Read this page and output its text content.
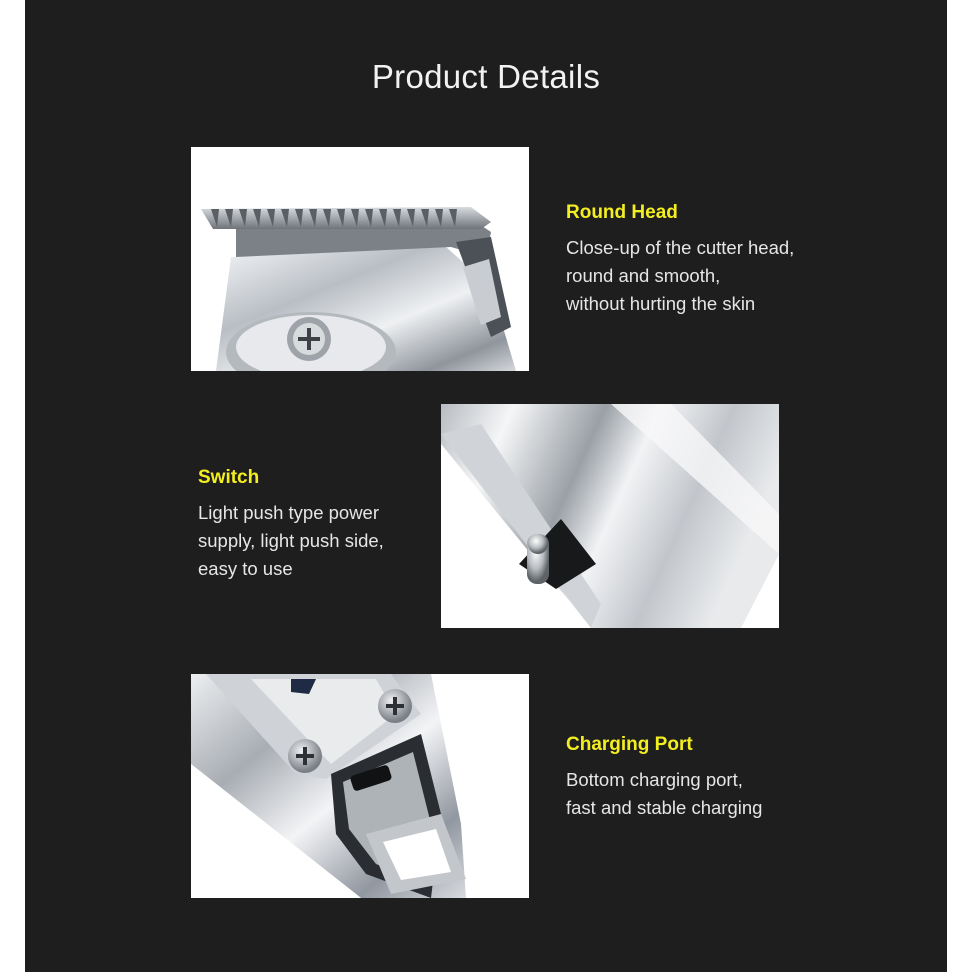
Product Details
Round Head
Close-up of the cutter head,
round and smooth,
without hurting the skin
Switch
Light push type power
supply, light push side,
easy to use
Charging Port
Bottom charging port,
fast and stable charging
